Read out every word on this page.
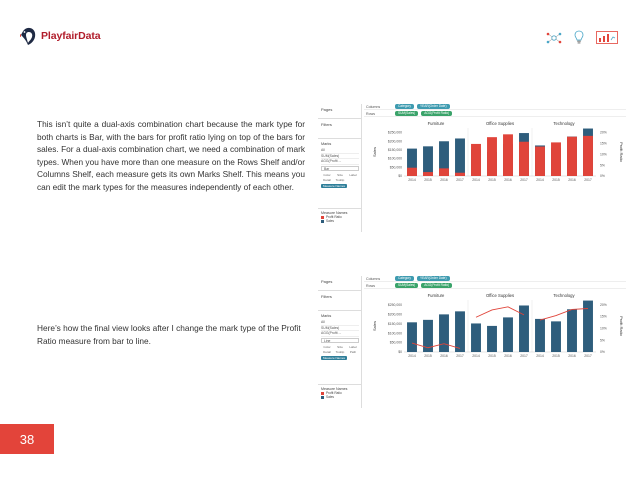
PlayfairData

This isn’t quite a dual-axis combination chart because the mark type for both charts is Bar, with the bars for profit ratio lying on top of the bars for sales. For a dual-axis combination chart, we need a combination of mark types. When you have more than one measure on the Rows Shelf and/or Columns Shelf, each measure gets its own Marks Shelf. This means you can edit the mark types for the measures independently of each other.

Here’s how the final view looks after I change the mark type of the Profit Ratio measure from bar to line.

38
Pages
Filters
Marks
All
SUM(Sales)
AGG(Profit ...
Bar
Color	Size	Label
Detail	Tooltip
Measure Names
Measure Names
Profit Ratio
Sales
Columns	Category	YEAR(Order Date)
Rows	SUM(Sales)	AGG(Profit Ratio)
Furniture	Office Supplies	Technology
$0
$50,000
$100,000
$150,000
$200,000
$250,000
0%
5%
10%
15%
20%
Sales	Profit Ratio
2014 2015 2016 2017 2014 2015 2016 2017 2014 2015 2016 2017
Pages
Filters
Marks
All
SUM(Sales)
AGG(Profit ...
Line
Color	Size	Label
Detail	Tooltip	Path
Measure Names
Measure Names
Profit Ratio
Sales
Columns	Category	YEAR(Order Date)
Rows	SUM(Sales)	AGG(Profit Ratio)
Furniture	Office Supplies	Technology
$0
$50,000
$100,000
$150,000
$200,000
$250,000
0%
5%
10%
15%
20%
Sales	Profit Ratio
2014 2015 2016 2017 2014 2015 2016 2017 2014 2015 2016 2017
